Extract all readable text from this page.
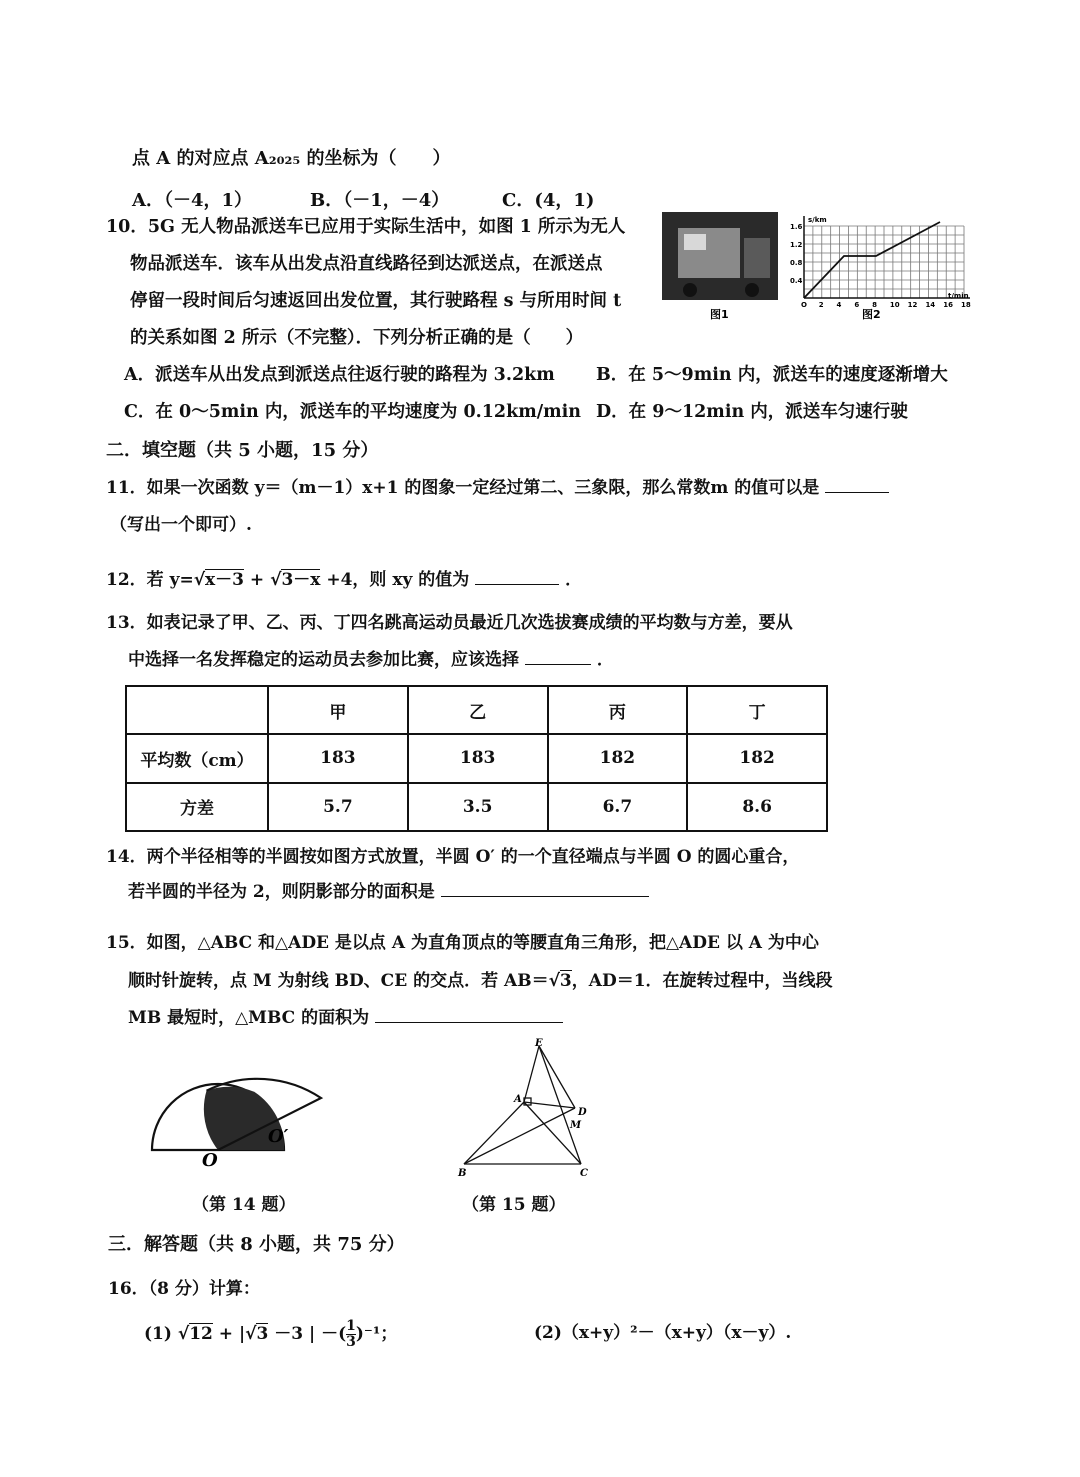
点 A 的对应点 A₂₀₂₅ 的坐标为（　　）
A．（－4，1）	B．（－1，－4）	C．(4，1)
10．5G 无人物品派送车已应用于实际生活中，如图 1 所示为无人
物品派送车．该车从出发点沿直线路径到达派送点，在派送点
停留一段时间后匀速返回出发位置，其行驶路程 s 与所用时间 t
的关系如图 2 所示（不完整）．下列分析正确的是（　　）
图1
s/km
t/min
1.6
1.2
0.8
0.4
O 2 4 6 8 10 12 14 16 18
图2
A．派送车从出发点到派送点往返行驶的路程为 3.2km B．在 5～9min 内，派送车的速度逐渐增大
C．在 0～5min 内，派送车的平均速度为 0.12km/min D．在 9～12min 内，派送车匀速行驶
二．填空题（共 5 小题，15 分）
11．如果一次函数 y＝（m－1）x+1 的图象一定经过第二、三象限，那么常数m 的值可以是
（写出一个即可）.
12．若 y=√x－3 + √3－x +4，则 xy 的值为	．
13．如表记录了甲、乙、丙、丁四名跳高运动员最近几次选拔赛成绩的平均数与方差，要从
中选择一名发挥稳定的运动员去参加比赛，应该选择	．
	甲	乙	丙	丁
平均数（cm）	183	183	182	182
方差	5.7	3.5	6.7	8.6
14．两个半径相等的半圆按如图方式放置，半圆 O′ 的一个直径端点与半圆 O 的圆心重合，
若半圆的半径为 2，则阴影部分的面积是
15．如图，△ABC 和△ADE 是以点 A 为直角顶点的等腰直角三角形，把△ADE 以 A 为中心
顺时针旋转，点 M 为射线 BD、CE 的交点．若 AB＝√3，AD＝1．在旋转过程中，当线段
MB 最短时，△MBC 的面积为
O
O′
（第 14 题）
E
A
D
M
B	C
（第 15 题）
三．解答题（共 8 小题，共 75 分）
16．（8 分）计算：
(1) √12 + |√3 －3 | －( $\frac{1}{3} )^{-1}$；	(2)（x+y）²－（x+y）（x－y）.
